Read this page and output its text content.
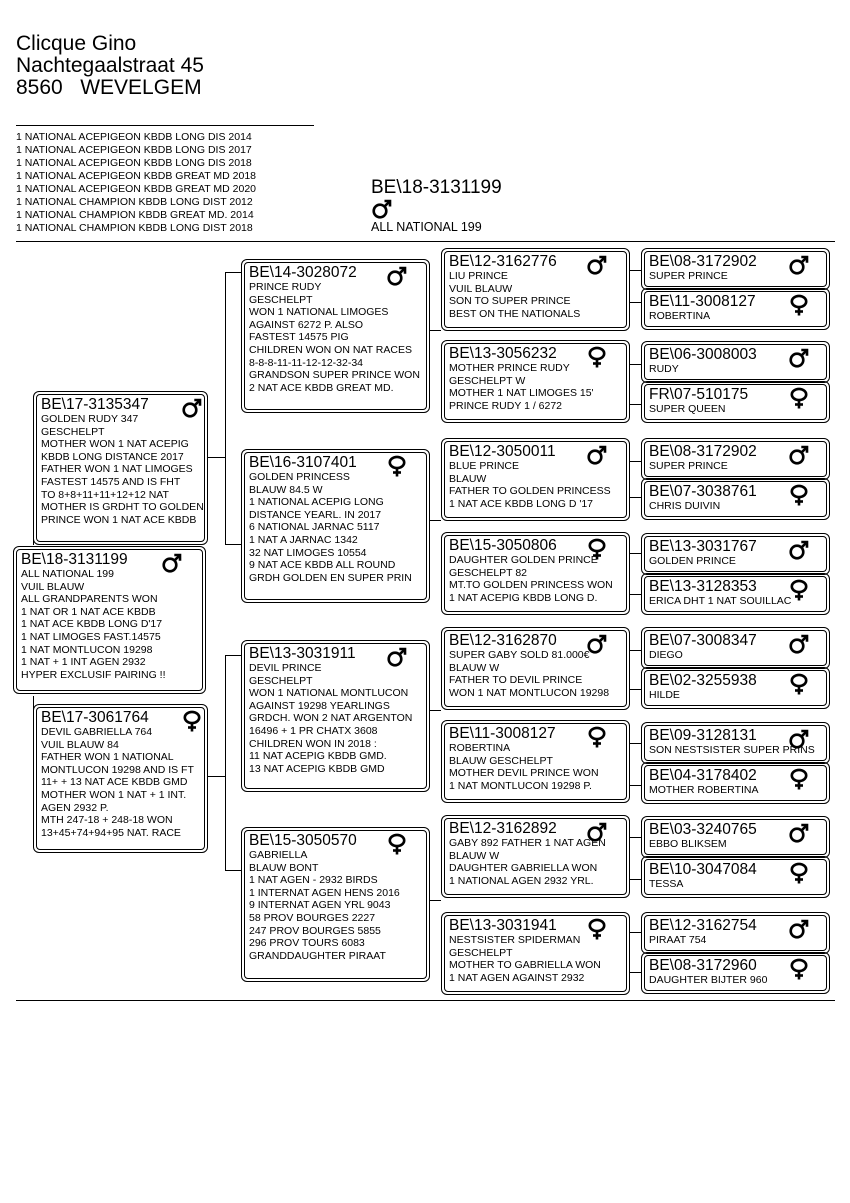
Clicque Gino
Nachtegaalstraat 45
8560   WEVELGEM
1 NATIONAL ACEPIGEON KBDB LONG DIS 2014
1 NATIONAL ACEPIGEON KBDB LONG DIS 2017
1 NATIONAL ACEPIGEON KBDB LONG DIS 2018
1 NATIONAL ACEPIGEON KBDB GREAT MD 2018
1 NATIONAL ACEPIGEON KBDB GREAT MD 2020
1 NATIONAL CHAMPION KBDB LONG DIST 2012
1 NATIONAL CHAMPION KBDB GREAT MD. 2014
1 NATIONAL CHAMPION KBDB LONG DIST 2018
BE\18-3131199
ALL NATIONAL 199
BE\17-3135347
GOLDEN RUDY 347
GESCHELPT
MOTHER WON 1 NAT ACEPIG
KBDB LONG DISTANCE 2017
FATHER WON 1 NAT LIMOGES
FASTEST 14575 AND IS FHT
TO 8+8+11+11+12+12 NAT
MOTHER IS GRDHT TO GOLDEN
PRINCE WON 1 NAT ACE KBDB
BE\18-3131199
ALL NATIONAL 199
VUIL BLAUW
ALL GRANDPARENTS WON
1 NAT OR 1 NAT ACE KBDB
1 NAT ACE KBDB LONG D'17
1 NAT LIMOGES FAST.14575
1 NAT MONTLUCON 19298
1 NAT + 1 INT AGEN 2932
HYPER EXCLUSIF PAIRING !!
BE\17-3061764
DEVIL GABRIELLA 764
VUIL BLAUW 84
FATHER WON 1 NATIONAL
MONTLUCON 19298 AND IS FT
11+ + 13 NAT ACE KBDB GMD
MOTHER WON 1 NAT + 1 INT.
AGEN 2932 P.
MTH 247-18 + 248-18 WON
13+45+74+94+95 NAT. RACE
BE\14-3028072
PRINCE RUDY
GESCHELPT
WON 1 NATIONAL LIMOGES
AGAINST 6272 P. ALSO
FASTEST 14575 PIG
CHILDREN WON ON NAT RACES
8-8-8-11-11-12-12-32-34
GRANDSON SUPER PRINCE WON
2 NAT ACE KBDB GREAT MD.
BE\16-3107401
GOLDEN PRINCESS
BLAUW 84.5 W
1 NATIONAL ACEPIG LONG
DISTANCE YEARL. IN 2017
6 NATIONAL JARNAC 5117
1 NAT A JARNAC 1342
32 NAT LIMOGES 10554
9 NAT ACE KBDB ALL ROUND
GRDH GOLDEN EN SUPER PRIN
BE\13-3031911
DEVIL PRINCE
GESCHELPT
WON 1 NATIONAL MONTLUCON
AGAINST 19298 YEARLINGS
GRDCH. WON 2 NAT ARGENTON
16496 + 1 PR CHATX 3608
CHILDREN WON IN 2018 :
11 NAT ACEPIG KBDB GMD.
13 NAT ACEPIG KBDB GMD
BE\15-3050570
GABRIELLA
BLAUW BONT
1 NAT AGEN - 2932 BIRDS
1 INTERNAT AGEN HENS 2016
9 INTERNAT AGEN YRL 9043
58 PROV BOURGES 2227
247 PROV BOURGES 5855
296 PROV TOURS 6083
GRANDDAUGHTER PIRAAT
BE\12-3162776
LIU PRINCE
VUIL BLAUW
SON TO SUPER PRINCE
BEST ON THE NATIONALS
BE\13-3056232
MOTHER PRINCE RUDY
GESCHELPT W
MOTHER 1 NAT LIMOGES 15'
PRINCE RUDY 1 / 6272
BE\12-3050011
BLUE PRINCE
BLAUW
FATHER TO GOLDEN PRINCESS
1 NAT ACE KBDB LONG D '17
BE\15-3050806
DAUGHTER GOLDEN PRINCE
GESCHELPT 82
MT.TO GOLDEN PRINCESS WON
1 NAT ACEPIG KBDB LONG D.
BE\12-3162870
SUPER GABY SOLD 81.000€
BLAUW W
FATHER TO DEVIL PRINCE
WON 1 NAT MONTLUCON 19298
BE\11-3008127
ROBERTINA
BLAUW GESCHELPT
MOTHER DEVIL PRINCE WON
1 NAT MONTLUCON 19298 P.
BE\12-3162892
GABY 892 FATHER 1 NAT AGEN
BLAUW W
DAUGHTER GABRIELLA WON
1 NATIONAL AGEN 2932 YRL.
BE\13-3031941
NESTSISTER SPIDERMAN
GESCHELPT
MOTHER TO GABRIELLA WON
1 NAT AGEN AGAINST 2932
BE\08-3172902
SUPER PRINCE
BE\11-3008127
ROBERTINA
BE\06-3008003
RUDY
FR\07-510175
SUPER QUEEN
BE\08-3172902
SUPER PRINCE
BE\07-3038761
CHRIS DUIVIN
BE\13-3031767
GOLDEN PRINCE
BE\13-3128353
ERICA DHT 1 NAT SOUILLAC
BE\07-3008347
DIEGO
BE\02-3255938
HILDE
BE\09-3128131
SON NESTSISTER SUPER PRINS
BE\04-3178402
MOTHER ROBERTINA
BE\03-3240765
EBBO BLIKSEM
BE\10-3047084
TESSA
BE\12-3162754
PIRAAT 754
BE\08-3172960
DAUGHTER BIJTER 960
